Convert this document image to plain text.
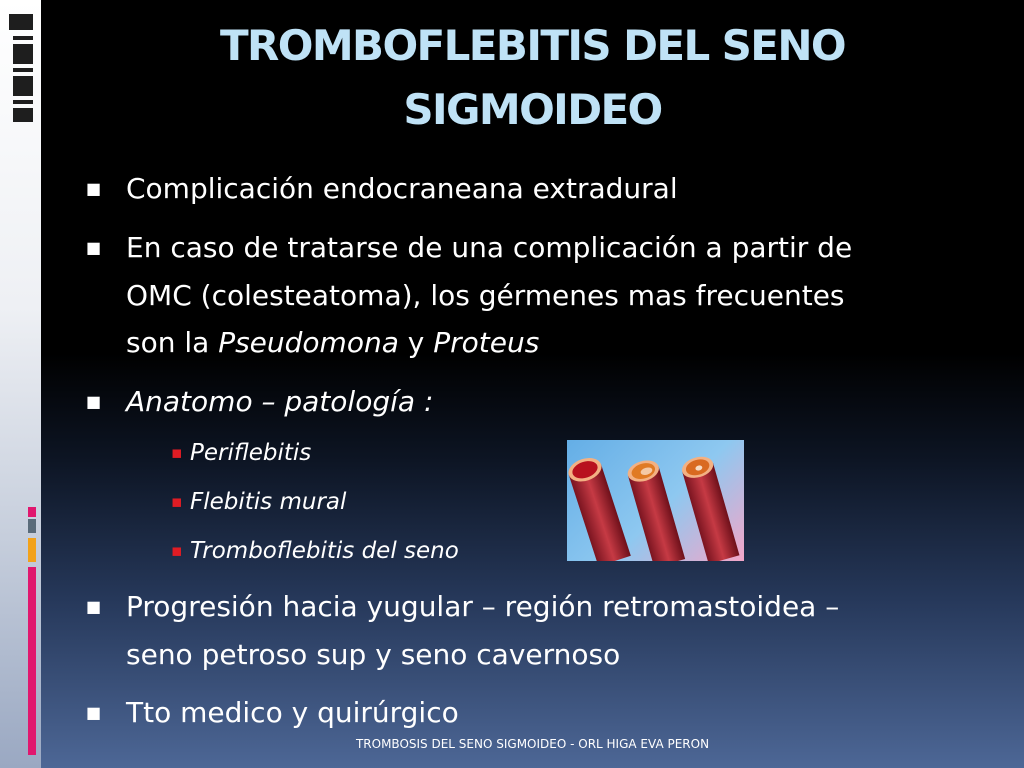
TROMBOFLEBITIS DEL SENO
SIGMOIDEO
■ Complicación endocraneana extradural
■ En caso de tratarse de una complicación a partir de
OMC (colesteatoma), los gérmenes mas frecuentes
son la Pseudomona y Proteus
■ Anatomo – patología :
▪ Periflebitis
▪ Flebitis mural
▪ Tromboflebitis del seno
■ Progresión hacia yugular – región retromastoidea –
seno petroso sup y seno cavernoso
■ Tto medico y quirúrgico
TROMBOSIS DEL SENO SIGMOIDEO - ORL HIGA EVA PERON
